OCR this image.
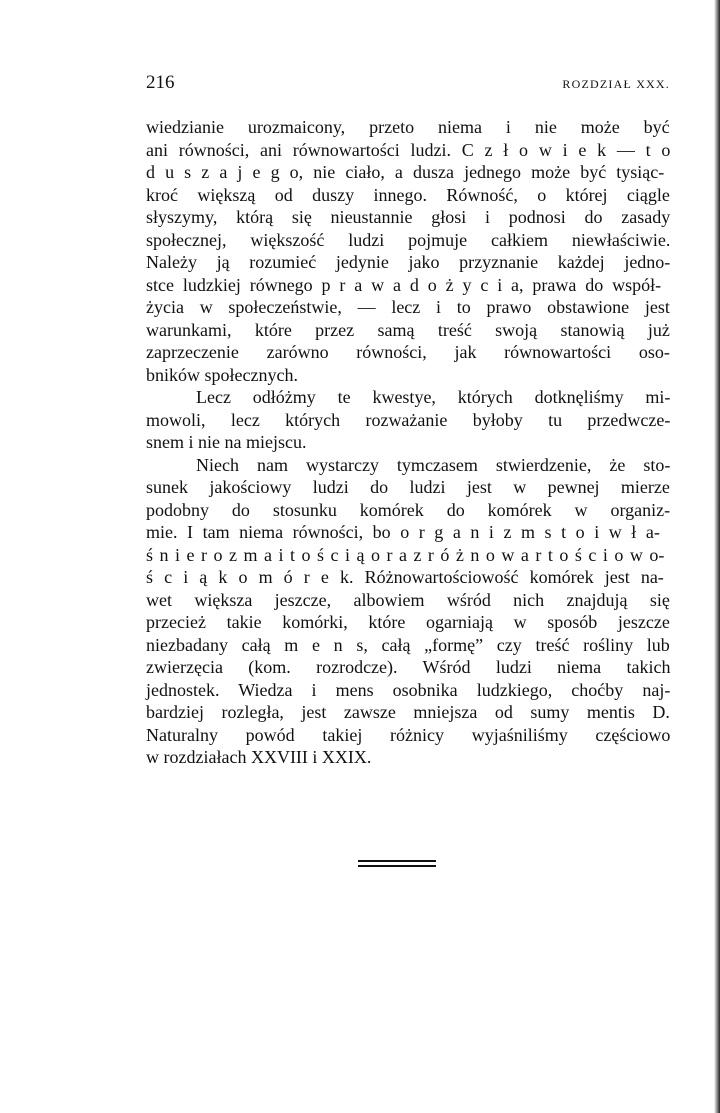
216	ROZDZIAŁ XXX.
wiedzianie urozmaicony, przeto niema i nie może być
ani równości, ani równowartości ludzi. C z ł o w i e k — t o
d u s z a j e g o, nie ciało, a dusza jednego może być tysiąc-
kroć większą od duszy innego. Równość, o której ciągle
słyszymy, którą się nieustannie głosi i podnosi do zasady
społecznej, większość ludzi pojmuje całkiem niewłaściwie.
Należy ją rozumieć jedynie jako przyznanie każdej jedno-
stce ludzkiej równego p r a w a d o ż y c i a, prawa do współ-
życia w społeczeństwie, — lecz i to prawo obstawione jest
warunkami, które przez samą treść swoją stanowią już
zaprzeczenie zarówno równości, jak równowartości oso-
bników społecznych.
Lecz odłóżmy te kwestye, których dotknęliśmy mi-
mowoli, lecz których rozważanie byłoby tu przedwcze-
snem i nie na miejscu.
Niech nam wystarczy tymczasem stwierdzenie, że sto-
sunek jakościowy ludzi do ludzi jest w pewnej mierze
podobny do stosunku komórek do komórek w organiz-
mie. I tam niema równości, bo o r g a n i z m s t o i w ł a-
ś n i e r o z m a i t o ś c i ą o r a z r ó ż n o w a r t o ś c i o w o-
ś c i ą k o m ó r e k. Różnowartościowość komórek jest na-
wet większa jeszcze, albowiem wśród nich znajdują się
przecież takie komórki, które ogarniają w sposób jeszcze
niezbadany całą m e n s, całą „formę” czy treść rośliny lub
zwierzęcia (kom. rozrodcze). Wśród ludzi niema takich
jednostek. Wiedza i mens osobnika ludzkiego, choćby naj-
bardziej rozległa, jest zawsze mniejsza od sumy mentis D.
Naturalny powód takiej różnicy wyjaśniliśmy częściowo
w rozdziałach XXVIII i XXIX.
